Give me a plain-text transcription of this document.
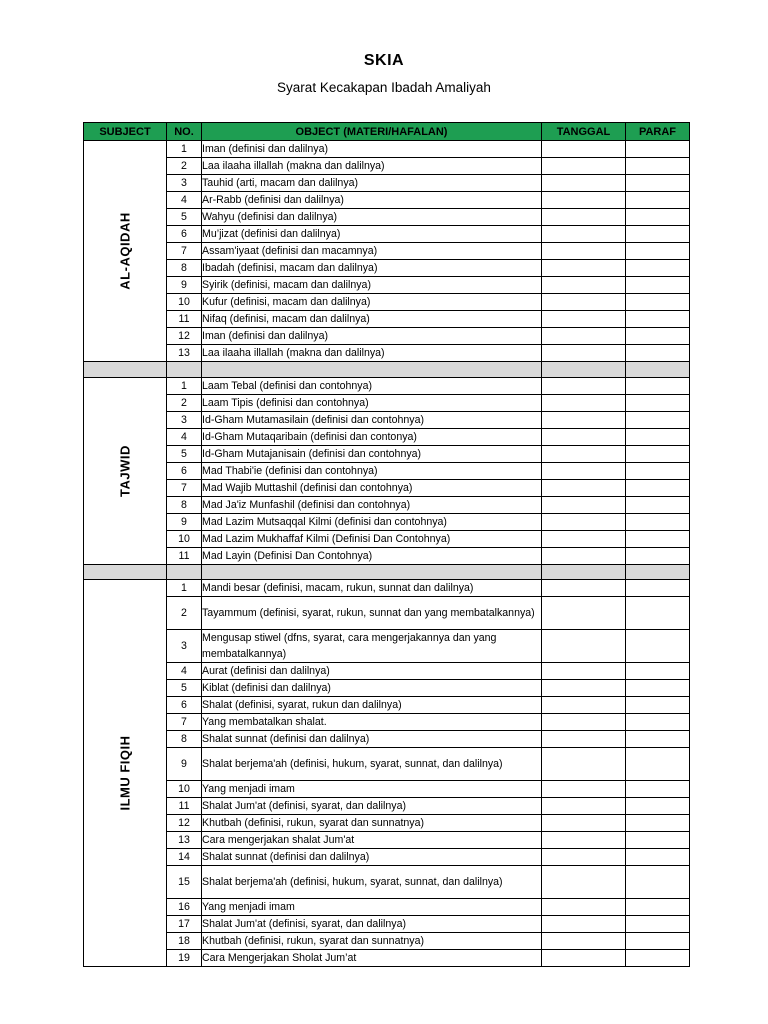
SKIA
Syarat Kecakapan Ibadah Amaliyah
SUBJECT	NO.	OBJECT (MATERI/HAFALAN)	TANGGAL	PARAF

AL-AQIDAH	1	Iman (definisi dan dalilnya)		
	2	Laa ilaaha illallah (makna dan dalilnya)		
	3	Tauhid (arti, macam dan dalilnya)		
	4	Ar-Rabb (definisi dan dalilnya)		
	5	Wahyu (definisi dan dalilnya)		
	6	Mu’jizat (definisi dan dalilnya)		
	7	Assam'iyaat (definisi dan macamnya)		
	8	Ibadah (definisi, macam dan dalilnya)		
	9	Syirik (definisi, macam dan dalilnya)		
	10	Kufur (definisi, macam dan dalilnya)		
	11	Nifaq (definisi, macam dan dalilnya)		
	12	Iman (definisi dan dalilnya)		
	13	Laa ilaaha illallah (makna dan dalilnya)		

TAJWID	1	Laam Tebal (definisi dan contohnya)		
	2	Laam Tipis (definisi dan contohnya)		
	3	Id-Gham Mutamasilain (definisi dan contohnya)		
	4	Id-Gham Mutaqaribain (definisi dan contonya)		
	5	Id-Gham Mutajanisain (definisi dan contohnya)		
	6	Mad Thabi'ie (definisi dan contohnya)		
	7	Mad Wajib Muttashil (definisi dan contohnya)		
	8	Mad Ja'iz Munfashil (definisi dan contohnya)		
	9	Mad Lazim Mutsaqqal Kilmi (definisi dan contohnya)		
	10	Mad Lazim Mukhaffaf Kilmi (Definisi Dan Contohnya)		
	11	Mad Layin (Definisi Dan Contohnya)		

ILMU FIQIH	1	Mandi besar (definisi, macam, rukun, sunnat dan dalilnya)		
	2	Tayammum (definisi, syarat, rukun, sunnat dan yang membatalkannya)		
	3	Mengusap stiwel (dfns, syarat, cara mengerjakannya dan yang membatalkannya)		
	4	Aurat (definisi dan dalilnya)		
	5	Kiblat (definisi dan dalilnya)		
	6	Shalat (definisi, syarat, rukun dan dalilnya)		
	7	Yang membatalkan shalat.		
	8	Shalat sunnat (definisi dan dalilnya)		
	9	Shalat berjema'ah (definisi, hukum, syarat, sunnat, dan dalilnya)		
	10	Yang menjadi imam		
	11	Shalat Jum'at (definisi, syarat, dan dalilnya)		
	12	Khutbah (definisi, rukun, syarat dan sunnatnya)		
	13	Cara mengerjakan shalat Jum'at		
	14	Shalat sunnat (definisi dan dalilnya)		
	15	Shalat berjema'ah (definisi, hukum, syarat, sunnat, dan dalilnya)		
	16	Yang menjadi imam		
	17	Shalat Jum'at (definisi, syarat, dan dalilnya)		
	18	Khutbah (definisi, rukun, syarat dan sunnatnya)		
	19	Cara Mengerjakan Sholat Jum’at		
